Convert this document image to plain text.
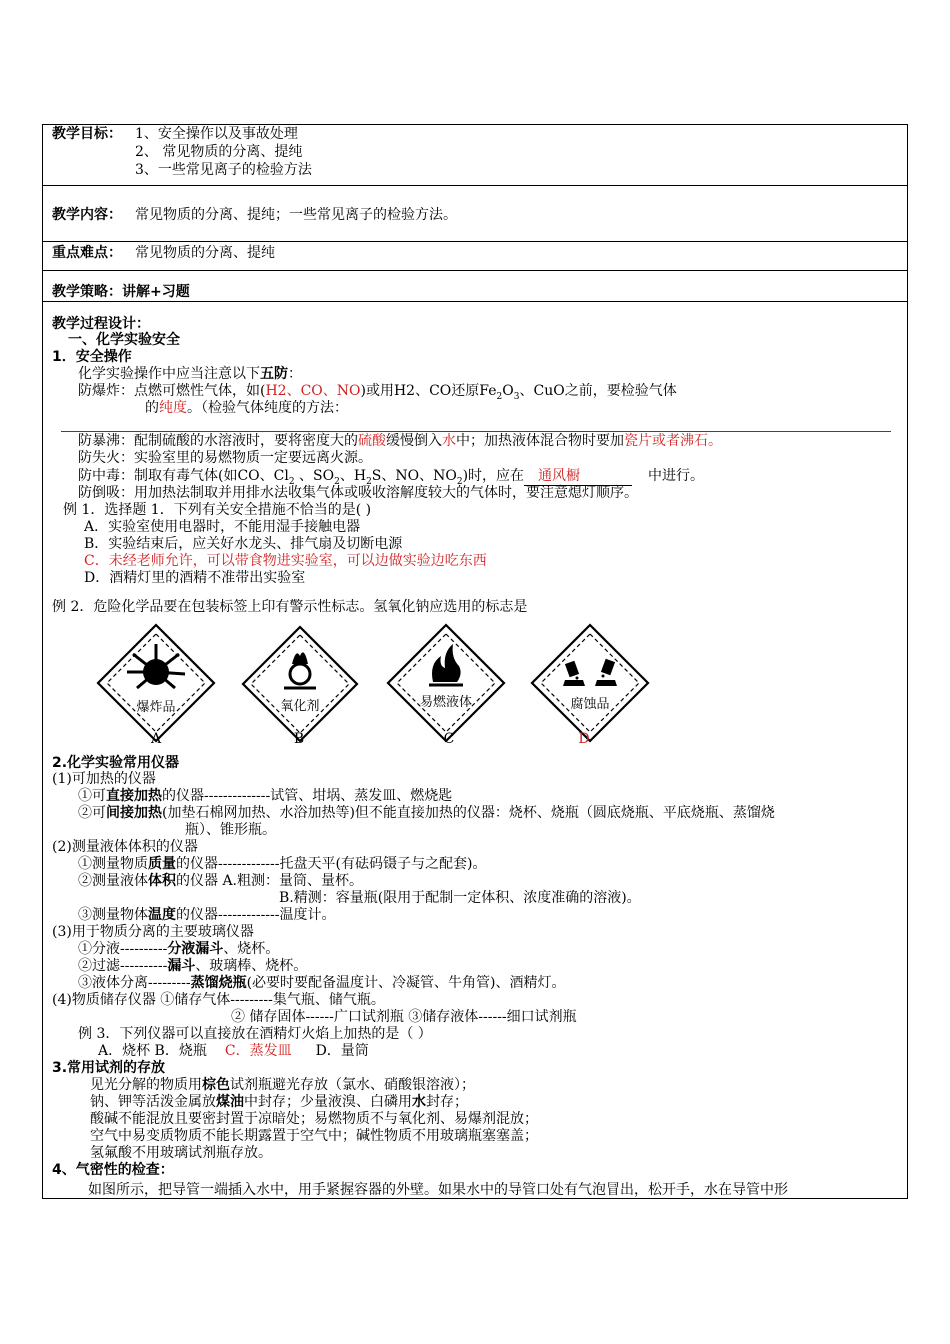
教学目标： 1、安全操作以及事故处理
2、 常见物质的分离、提纯
3、一些常见离子的检验方法
教学内容： 常见物质的分离、提纯；一些常见离子的检验方法。
重点难点： 常见物质的分离、提纯
教学策略：讲解+习题
教学过程设计：
一、化学实验安全
1．安全操作
化学实验操作中应当注意以下五防：
防爆炸：点燃可燃性气体，如(H2、CO、NO)或用H2、CO还原$Fe_2O_3$、CuO之前，要检验气体
的纯度。（检验气体纯度的方法：
防暴沸：配制硫酸的水溶液时，要将密度大的硫酸缓慢倒入水中；加热液体混合物时要加瓷片或者沸石。
防失火：实验室里的易燃物质一定要远离火源。
防中毒：制取有毒气体(如CO、$Cl_2$ 、$SO_2$、$H_2S$、NO、$NO_2$)时，应在 通风橱	中进行。
防倒吸：用加热法制取并用排水法收集气体或吸收溶解度较大的气体时，要注意熄灯顺序。
例 1．选择题 1．下列有关安全措施不恰当的是( )
A．实验室使用电器时，不能用湿手接触电器
B．实验结束后，应关好水龙头、排气扇及切断电源
C．未经老师允许，可以带食物进实验室，可以边做实验边吃东西
D．酒精灯里的酒精不准带出实验室
例 2．危险化学品要在包装标签上印有警示性标志。氢氧化钠应选用的标志是
爆炸品	氧化剂	易燃液体	腐蚀品
A	B	C	D
2.化学实验常用仪器
(1)可加热的仪器
①可直接加热的仪器--------------试管、坩埚、蒸发皿、燃烧匙
②可间接加热(加垫石棉网加热、水浴加热等)但不能直接加热的仪器：烧杯、烧瓶（圆底烧瓶、平底烧瓶、蒸馏烧
瓶）、锥形瓶。
(2)测量液体体积的仪器
①测量物质质量的仪器-------------托盘天平(有砝码镊子与之配套)。
②测量液体体积的仪器 A.粗测：量筒、量杯。
B.精测：容量瓶(限用于配制一定体积、浓度准确的溶液)。
③测量物体温度的仪器-------------温度计。
(3)用于物质分离的主要玻璃仪器
①分液----------分液漏斗、烧杯。
②过滤----------漏斗、玻璃棒、烧杯。
③液体分离---------蒸馏烧瓶(必要时要配备温度计、冷凝管、牛角管)、酒精灯。
(4)物质储存仪器 ①储存气体---------集气瓶、储气瓶。
② 储存固体------广口试剂瓶 ③储存液体------细口试剂瓶
例 3．下列仪器可以直接放在酒精灯火焰上加热的是（ ）
A．烧杯 B．烧瓶 C．蒸发皿 D．量筒
3.常用试剂的存放
见光分解的物质用棕色试剂瓶避光存放（氯水、硝酸银溶液）；
钠、钾等活泼金属放煤油中封存；少量液溴、白磷用水封存；
酸碱不能混放且要密封置于凉暗处；易燃物质不与氧化剂、易爆剂混放；
空气中易变质物质不能长期露置于空气中；碱性物质不用玻璃瓶塞塞盖；
氢氟酸不用玻璃试剂瓶存放。
4、气密性的检查：
如图所示，把导管一端插入水中，用手紧握容器的外壁。如果水中的导管口处有气泡冒出，松开手，水在导管中形
